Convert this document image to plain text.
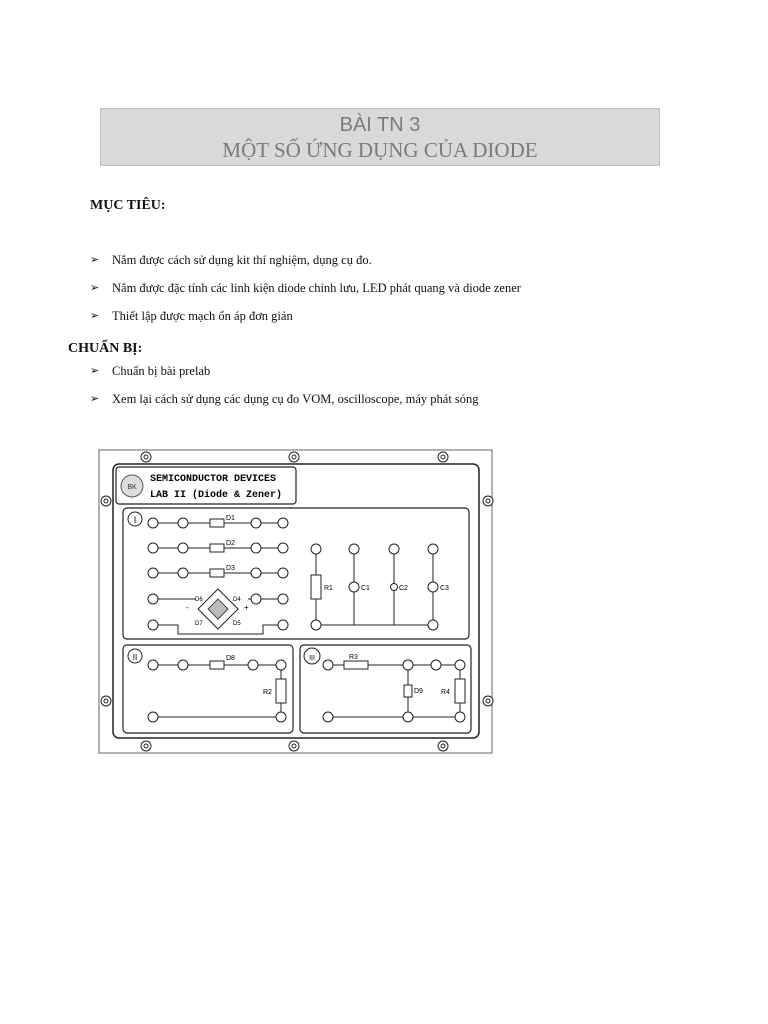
BÀI TN 3
MỘT SỐ ỨNG DỤNG CỦA DIODE

MỤC TIÊU:

➢ Nắm được cách sử dụng kit thí nghiệm, dụng cụ đo.
➢ Nắm được đặc tính các linh kiện diode chỉnh lưu, LED phát quang và diode zener
➢ Thiết lập được mạch ổn áp đơn giản

CHUẨN BỊ:

➢ Chuẩn bị bài prelab
➢ Xem lại cách sử dụng các dụng cụ đo VOM, oscilloscope, máy phát sóng
BK
SEMICONDUCTOR DEVICES
LAB II (Diode & Zener)
I	D1
D2
D3
D6	D4
D7	D5
-	+
R1	C1	C2	C3
II	D8
R2
III	R3
D9	R4
